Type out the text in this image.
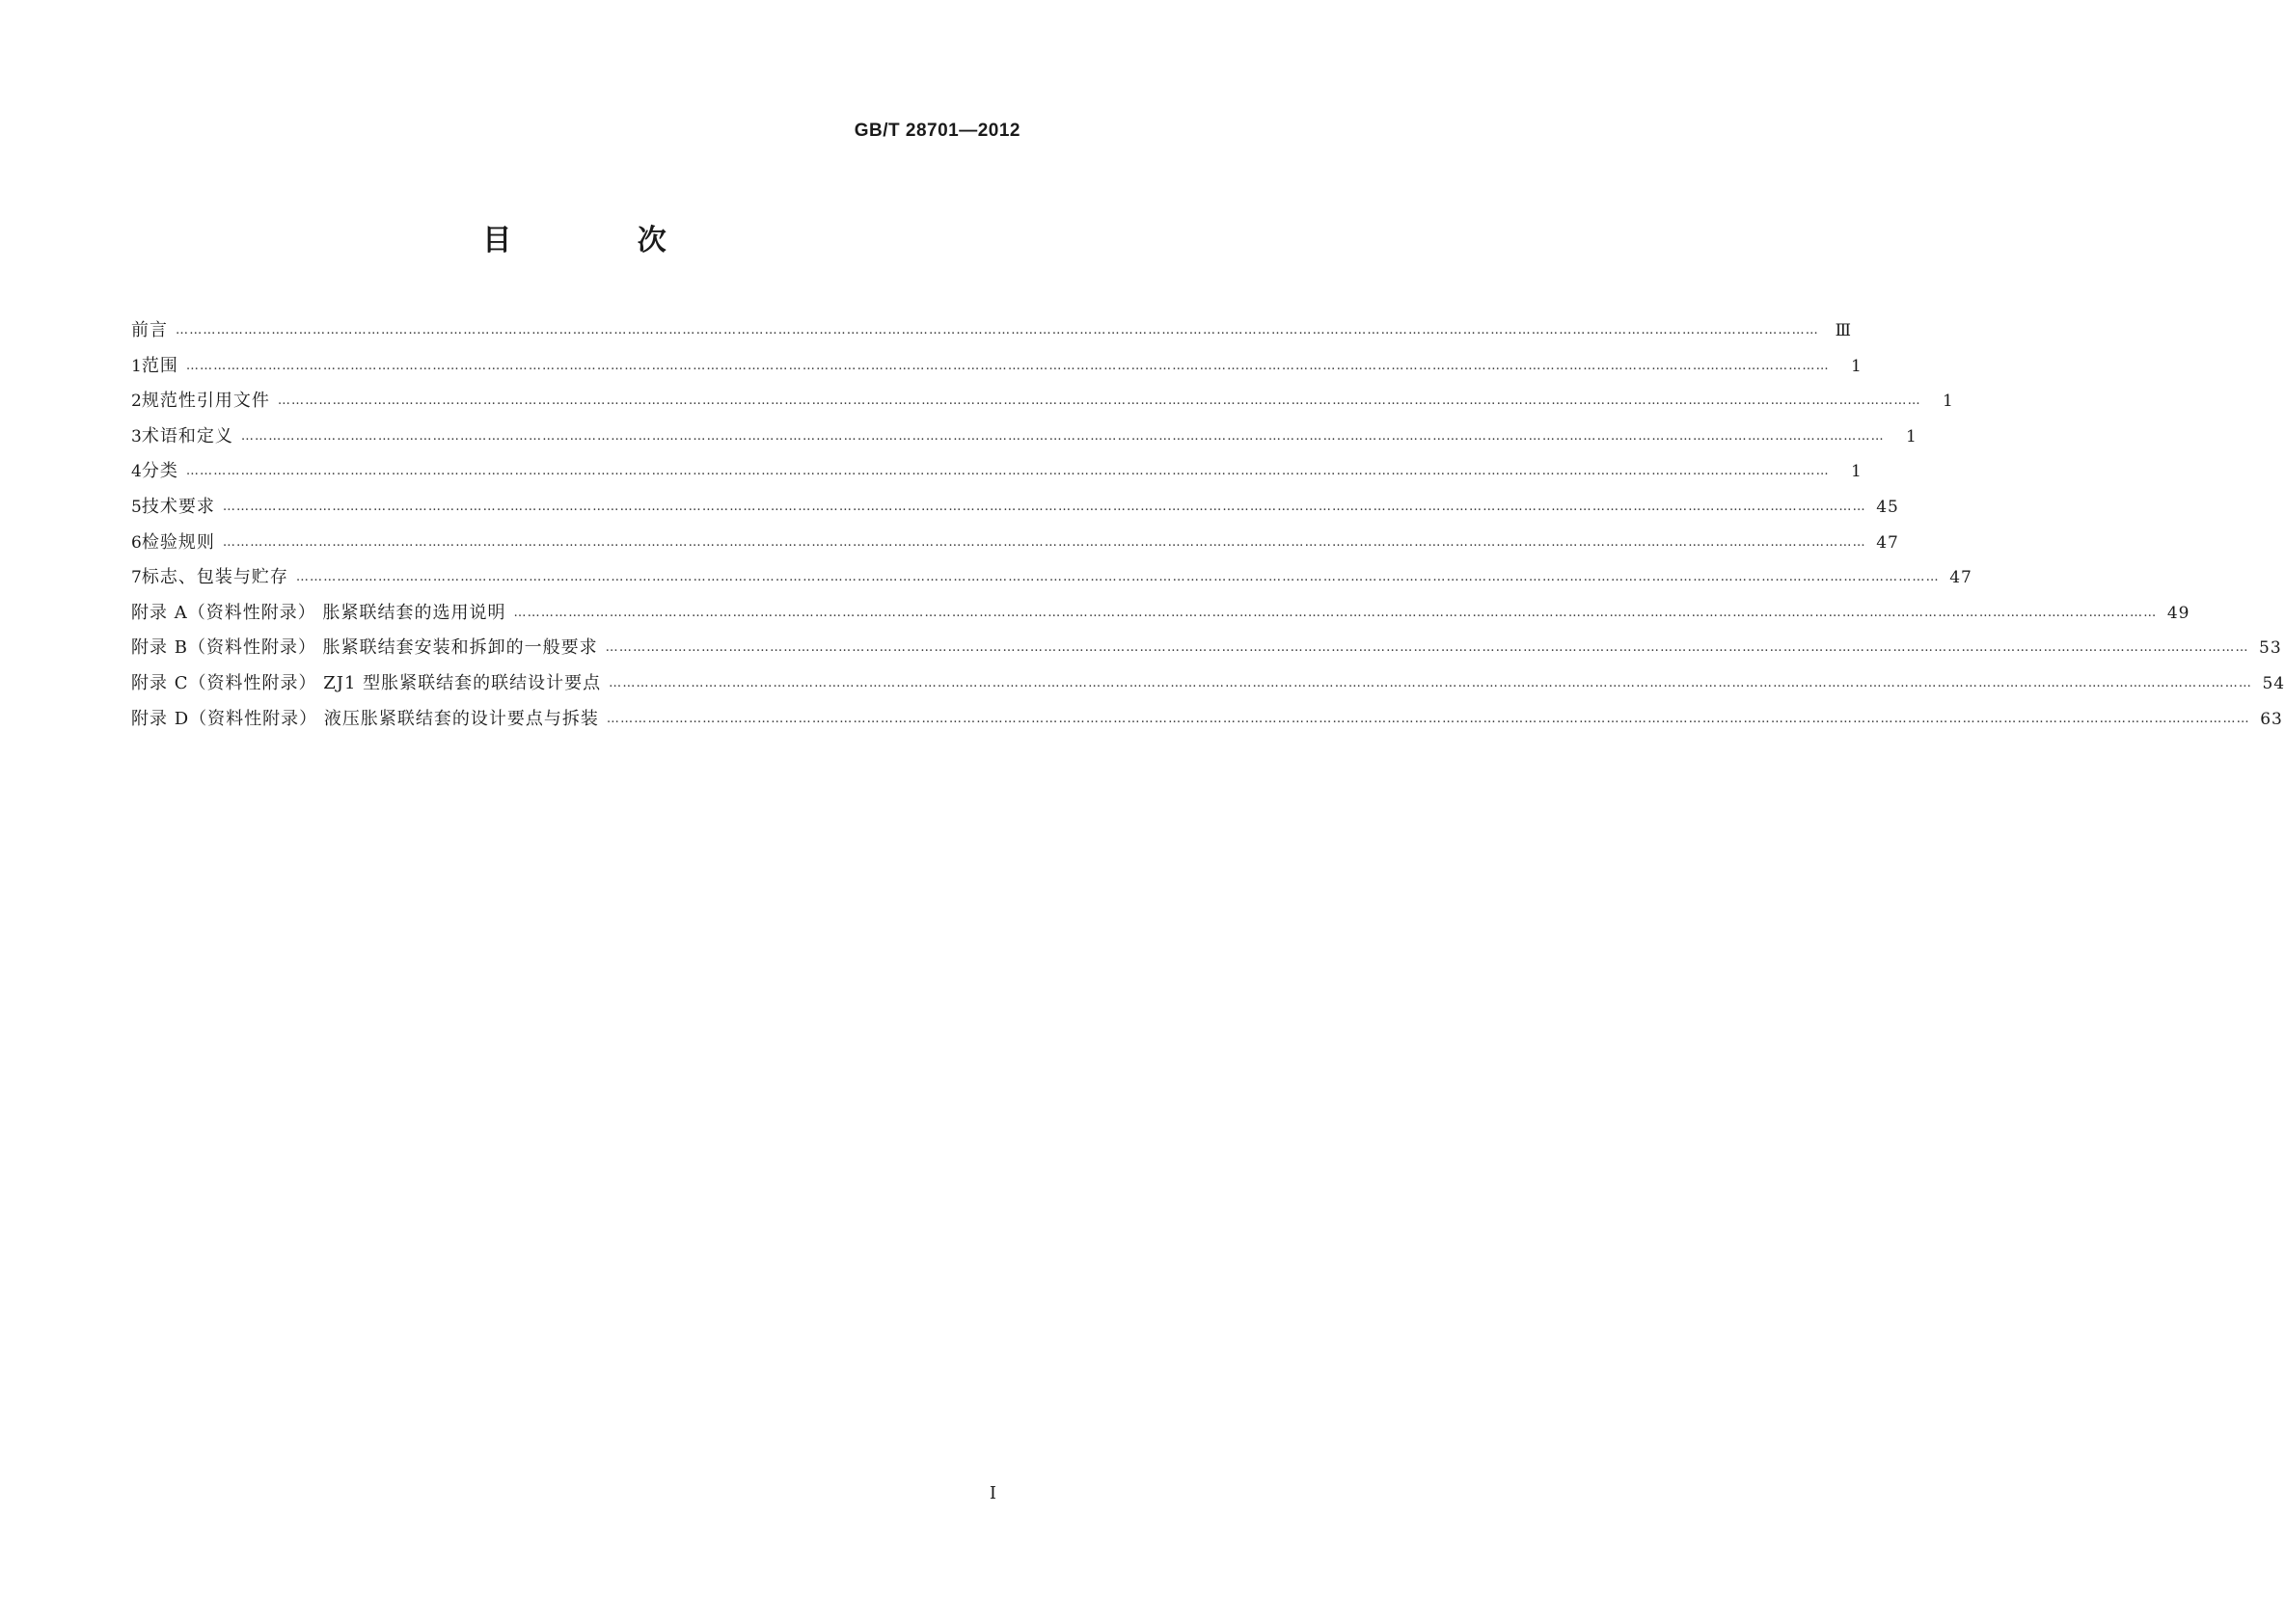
GB/T 28701—2012
目 次
前言 ……………………………………………………………………………………………………………………………………………………………………………………………………………………………………………………………………………………………………………………………… Ⅲ
1 范围 ………………………………………………………………………………………………………………………………………………………………………………………………………………………………………………………………………………………………………………………………	1
2 规范性引用文件 ………………………………………………………………………………………………………………………………………………………………………………………………………………………………………………………………………………………………………………………………	1
3 术语和定义 ………………………………………………………………………………………………………………………………………………………………………………………………………………………………………………………………………………………………………………………………	1
4 分类 ………………………………………………………………………………………………………………………………………………………………………………………………………………………………………………………………………………………………………………………………	1
5 技术要求 ……………………………………………………………………………………………………………………………………………………………………………………………………………………………………………………………………………………………………………………………… 45
6 检验规则 ……………………………………………………………………………………………………………………………………………………………………………………………………………………………………………………………………………………………………………………………… 47
7 标志、包装与贮存 ……………………………………………………………………………………………………………………………………………………………………………………………………………………………………………………………………………………………………………………………… 47
附录 A（资料性附录） 胀紧联结套的选用说明 ……………………………………………………………………………………………………………………………………………………………………………………………………………………………………………………………………………………………………………………………… 49
附录 B（资料性附录） 胀紧联结套安装和拆卸的一般要求 ……………………………………………………………………………………………………………………………………………………………………………………………………………………………………………………………………………………………………………………………… 53
附录 C（资料性附录） ZJ1 型胀紧联结套的联结设计要点 ……………………………………………………………………………………………………………………………………………………………………………………………………………………………………………………………………………………………………………………………… 54
附录 D（资料性附录） 液压胀紧联结套的设计要点与拆装 ……………………………………………………………………………………………………………………………………………………………………………………………………………………………………………………………………………………………………………………………… 63
I
